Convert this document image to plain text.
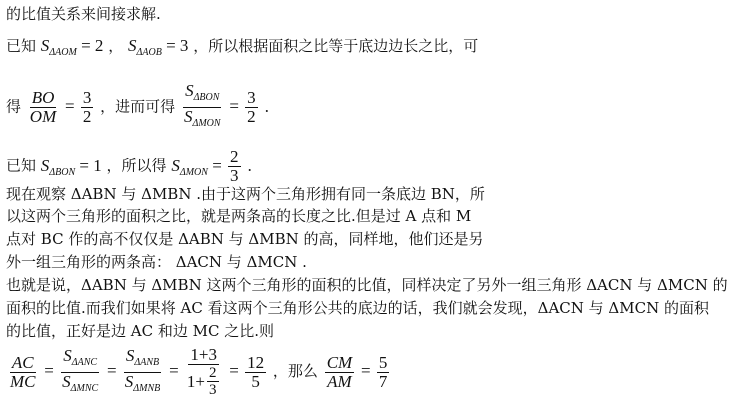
的比值关系来间接求解.
已知 $S_{\Delta AOM} = 2$ ， $S_{\Delta AOB} = 3$ ，所以根据面积之比等于底边边长之比，可
得 $\frac{BO}{OM} = \frac{3}{2}$ ，进而可得 $\frac{S_{\Delta BON}}{S_{\Delta MON}} = \frac{3}{2}$ ．
已知 $S_{\Delta BON} = 1$ ，所以得 $S_{\Delta MON} = \frac{2}{3}$ ．
现在观察 ΔABN 与 ΔMBN .由于这两个三角形拥有同一条底边 BN，所
以这两个三角形的面积之比，就是两条高的长度之比.但是过 A 点和 M
点对 BC 作的高不仅仅是 ΔABN 与 ΔMBN 的高，同样地，他们还是另
外一组三角形的两条高： ΔACN 与 ΔMCN .
也就是说，ΔABN 与 ΔMBN 这两个三角形的面积的比值，同样决定了另外一组三角形 ΔACN 与 ΔMCN 的
面积的比值.而我们如果将 AC 看这两个三角形公共的底边的话，我们就会发现，ΔACN 与 ΔMCN 的面积
的比值，正好是边 AC 和边 MC 之比.则
$\frac{AC}{MC} = \frac{S_{\Delta ANC}}{S_{\Delta MNC}} = \frac{S_{\Delta ANB}}{S_{\Delta MNB}} = \frac{1+3}{1+ \frac{2}{3}} = \frac{12}{5}$ ，那么 $\frac{CM}{AM} = \frac{5}{7}$
